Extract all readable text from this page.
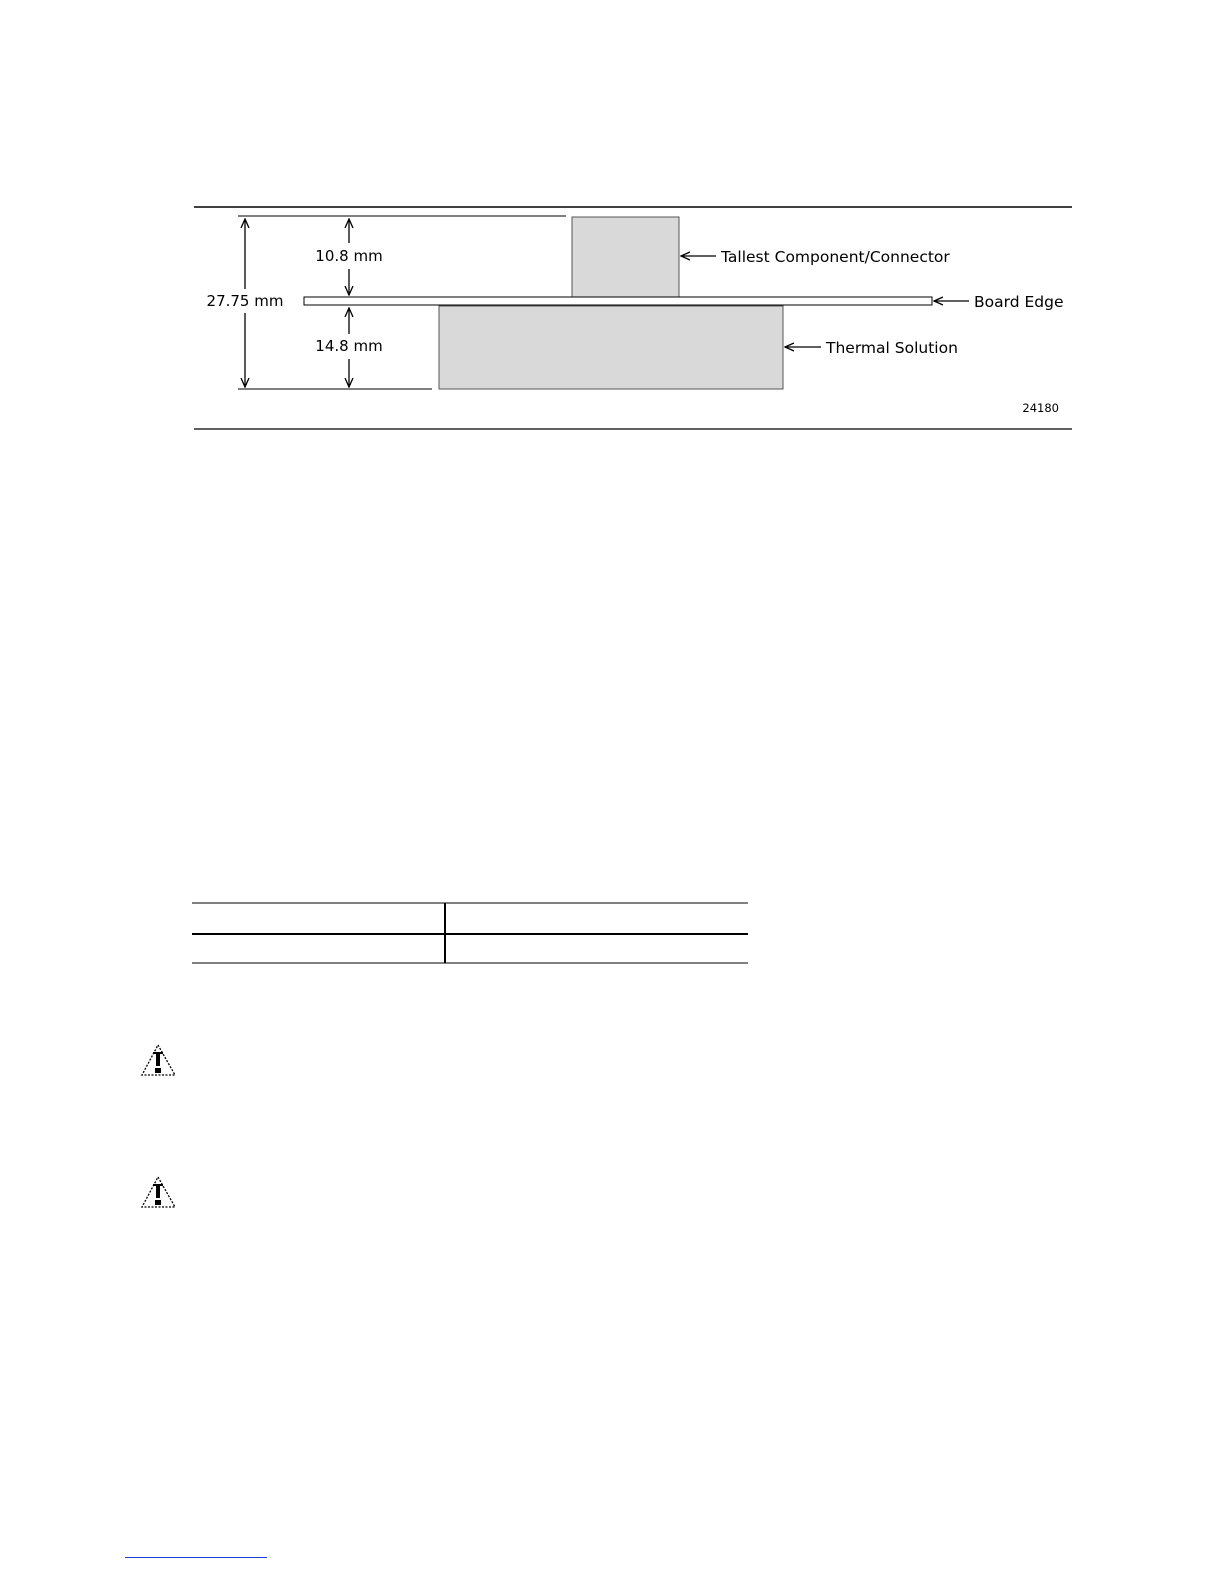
27.75 mm
10.8 mm
14.8 mm
Tallest Component/Connector
Board Edge
Thermal Solution
24180
